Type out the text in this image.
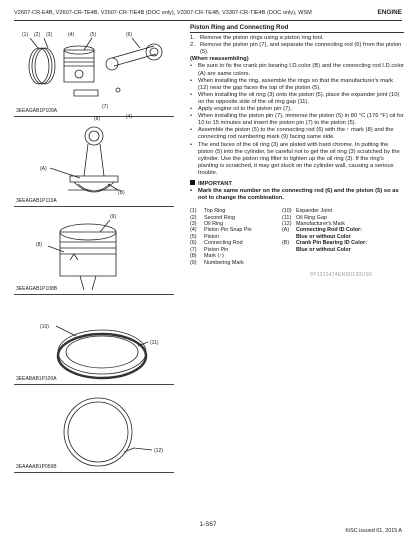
V2607-CR-E4B, V2607-CR-TE4B, V2607-CR-TIE4B (DOC only), V3307-CR-TE4B, V3307-CR-TIE4B (DOC only), WSM	ENGINE
(1) (2) (3)	(4)	(5)	(6)
(7)
(8)	(4)
3EEAGAB1P109A
(A)
(B)
3EEAGAB1P110A
(9)
(8)
3EEAGAB1P108B
(10)
(11)
3EEABAB1P100A
(12)
3EAAAAB1P056B
Piston Ring and Connecting Rod
1. Remove the piston rings using a piston ring tool.
2. Remove the piston pin (7), and separate the connecting rod (6) from the piston (5).
(When reassembling)
•	Be sure to fix the crank pin bearing I.D.color (B) and the connecting rod I.D.color (A) are same colors.
•	When installing the ring, assemble the rings so that the manufacturer's mark (12) near the gap faces the top of the piston (5).
•	When installing the oil ring (3) onto the piston (5), place the expander joint (10) on the opposite side of the oil ring gap (11).
•	Apply engine oil to the piston pin (7).
•	When installing the piston pin (7), immerse the piston (5) in 80 °C (176 °F) oil for 10 to 15 minutes and insert the piston pin (7) to the piston (5).
•	Assemble the piston (5) to the connecting rod (6) with the ↑ mark (8) and the connecting rod numbering mark (9) facing same side.
•	The end faces of the oil ring (3) are plated with hard chrome. In putting the piston (5) into the cylinder, be careful not to get the oil ring (3) scratched by the cylinder. Use the piston ring filter to tighten up the oil ring (3). If the ring's planting is scratched, it may get stuck on the cylinder wall, causing a serious trouble.
IMPORTANT
•	Mark the same number on the connecting rod (6) and the piston (5) so as not to change the combination.
(1)	Top Ring
(2)	Second Ring
(3)	Oil Ring
(4)	Piston Pin Snap Pin
(5)	Piston
(6)	Connecting Rod
(7)	Piston Pin
(8)	Mark (↑)
(9)	Numbering Mark
(10) Expander Joint
(11) Oil Ring Gap
(12) Manufacturer's Mark
(A)	Connecting Rod ID Color:
Blue or without Color
(B)	Crank Pin Bearing ID Color:
Blue or without Color
9Y1211474ENS0130US0
1-S67
KiSC issued 01, 2015 A
